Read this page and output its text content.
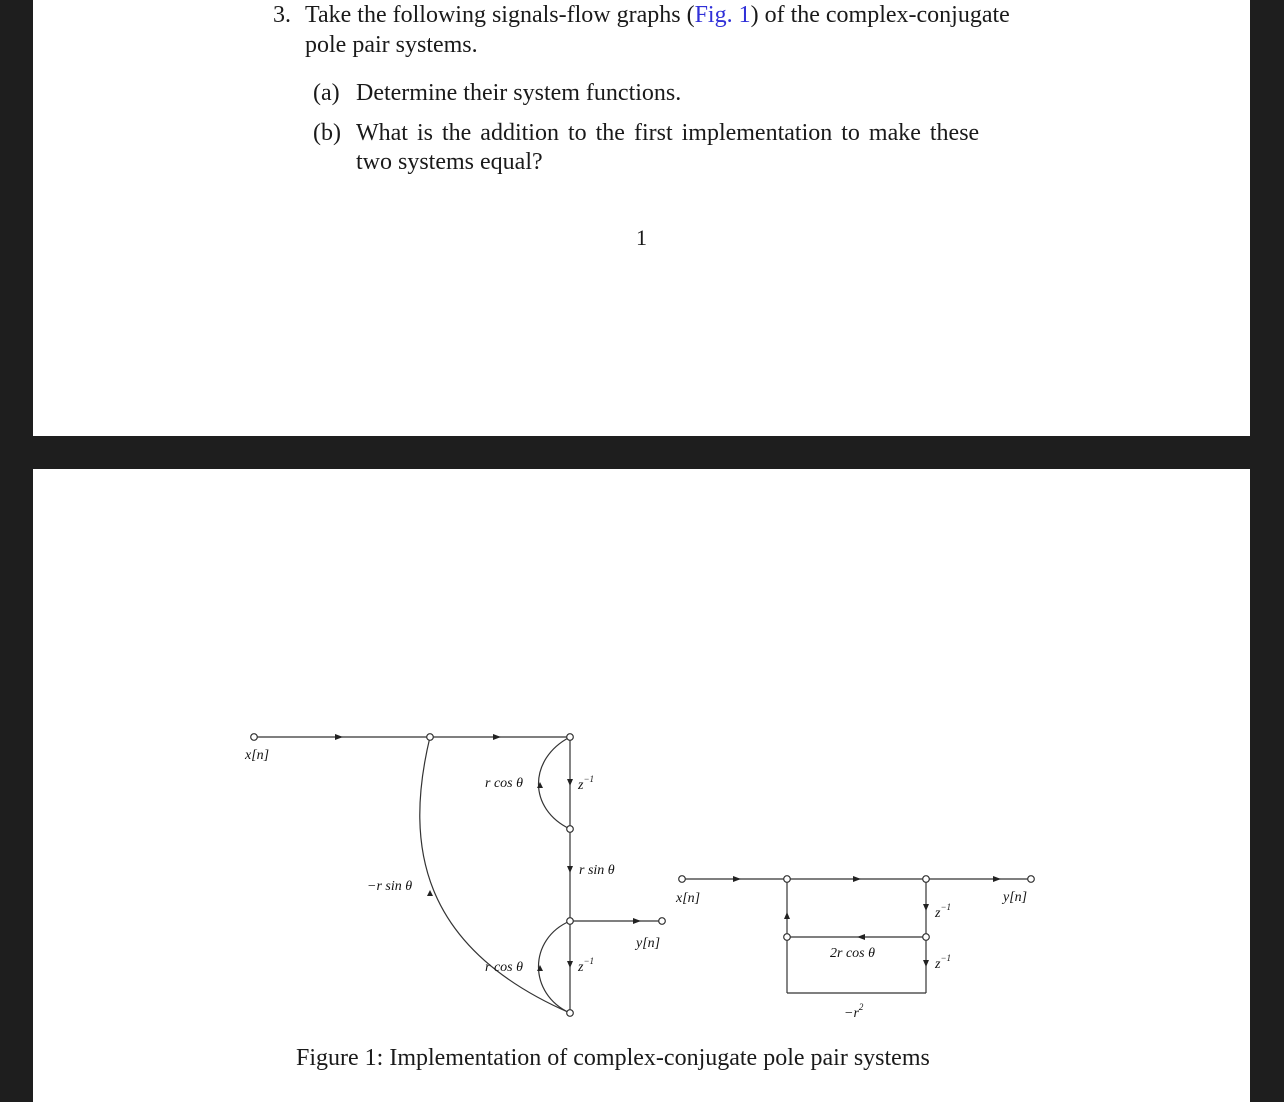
3. Take the following signals-flow graphs (Fig. 1) of the complex-conjugate
pole pair systems.
(a) Determine their system functions.
(b) What is the addition to the first implementation to make these
two systems equal?
1
x[n]
r cos θ	$z^{-1}$
r sin θ
−r sin θ
y[n]
r cos θ	$z^{-1}$
x[n]	y[n]
$z^{-1}$
2r cos θ
$z^{-1}$
$-r^2$
Figure 1: Implementation of complex-conjugate pole pair systems
